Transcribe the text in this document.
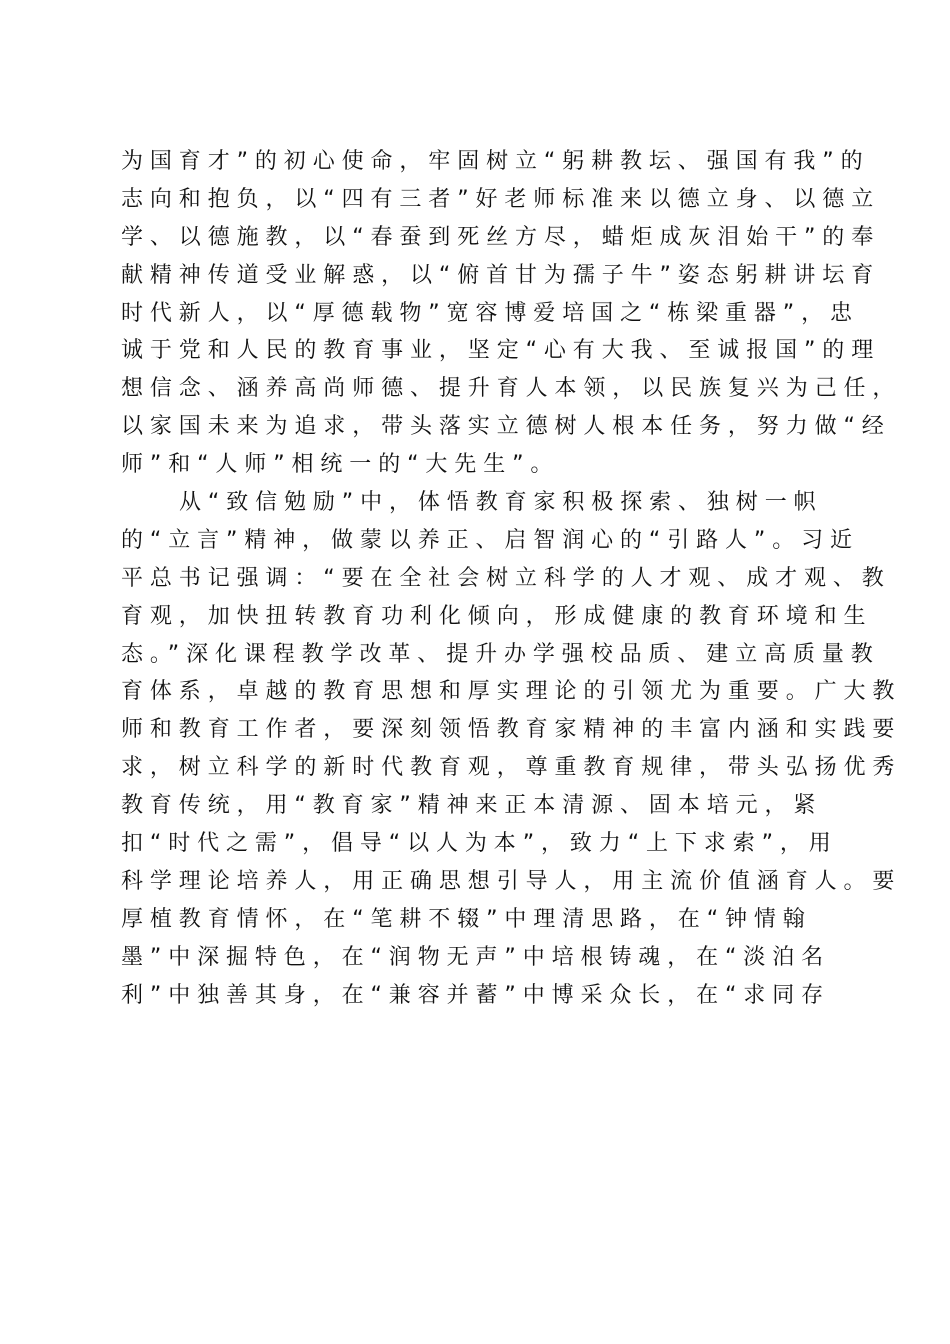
为国育才”的初心使命，牢固树立“躬耕教坛、强国有我”的
志向和抱负，以“四有三者”好老师标准来以德立身、以德立
学、以德施教，以“春蚕到死丝方尽，蜡炬成灰泪始干”的奉
献精神传道受业解惑，以“俯首甘为孺子牛”姿态躬耕讲坛育
时代新人，以“厚德载物”宽容博爱培国之“栋梁重器”，忠
诚于党和人民的教育事业，坚定“心有大我、至诚报国”的理
想信念、涵养高尚师德、提升育人本领，以民族复兴为己任，
以家国未来为追求，带头落实立德树人根本任务，努力做“经
师”和“人师”相统一的“大先生”。
从“致信勉励”中，体悟教育家积极探索、独树一帜
的“立言”精神，做蒙以养正、启智润心的“引路人”。习近
平总书记强调：“要在全社会树立科学的人才观、成才观、教
育观，加快扭转教育功利化倾向，形成健康的教育环境和生
态。”深化课程教学改革、提升办学强校品质、建立高质量教
育体系，卓越的教育思想和厚实理论的引领尤为重要。广大教
师和教育工作者，要深刻领悟教育家精神的丰富内涵和实践要
求，树立科学的新时代教育观，尊重教育规律，带头弘扬优秀
教育传统，用“教育家”精神来正本清源、固本培元，紧
扣“时代之需”，倡导“以人为本”，致力“上下求索”，用
科学理论培养人，用正确思想引导人，用主流价值涵育人。要
厚植教育情怀，在“笔耕不辍”中理清思路，在“钟情翰
墨”中深掘特色，在“润物无声”中培根铸魂，在“淡泊名
利”中独善其身，在“兼容并蓄”中博采众长，在“求同存
